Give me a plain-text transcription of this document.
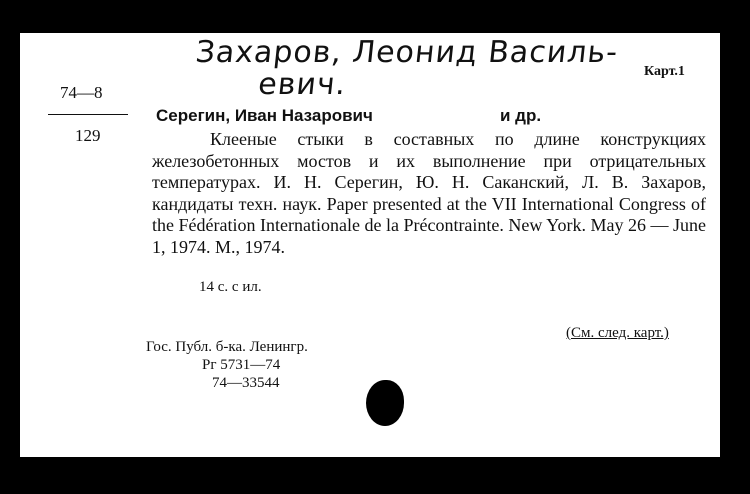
Захаров, Леонид Василь-
евич.	Карт.1
74—8
129
Серегин, Иван Назарович	и др.

Клееные стыки в составных по длине конструкциях железобетонных мостов и их выполнение при отрицательных температурах. И. Н. Серегин, Ю. Н. Саканский, Л. В. Захаров, кандидаты техн. наук. Paper presented at the VII International Congress of the Fédération Internationale de la Précontrainte. New York. May 26 — June 1, 1974. М., 1974.

14 с. с ил.
Гос. Публ. б-ка. Ленингр.
Рг 5731—74
74—33544
(См. след. карт.)
